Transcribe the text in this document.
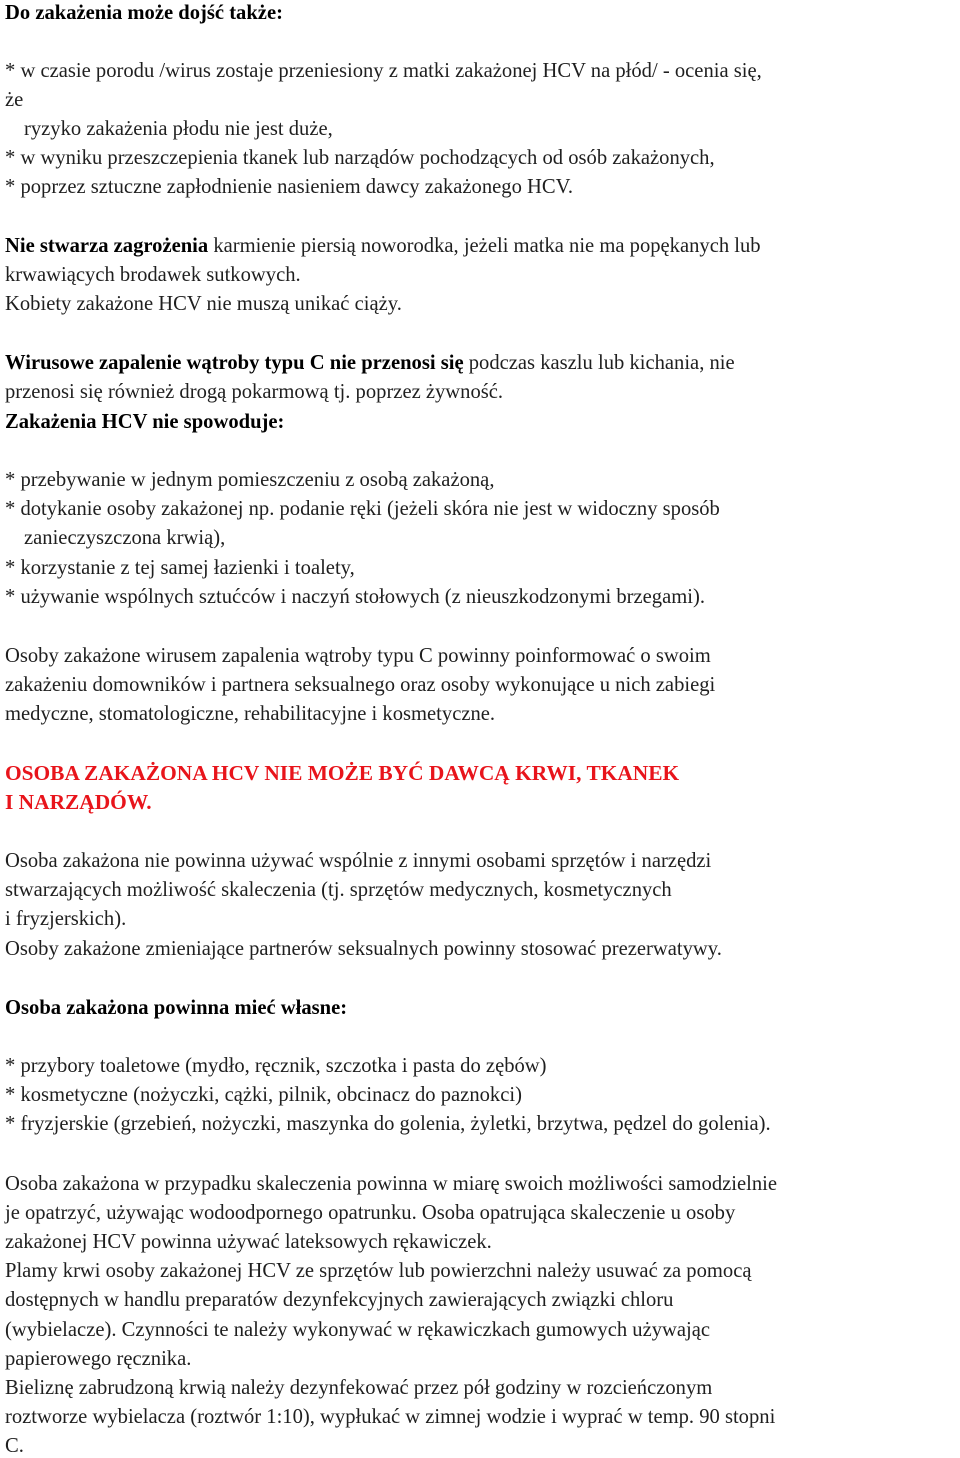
Do zakażenia może dojść także:
* w czasie porodu /wirus zostaje przeniesiony z matki zakażonej HCV na płód/ - ocenia się,
że
ryzyko zakażenia płodu nie jest duże,
* w wyniku przeszczepienia tkanek lub narządów pochodzących od osób zakażonych,
* poprzez sztuczne zapłodnienie nasieniem dawcy zakażonego HCV.
Nie stwarza zagrożenia karmienie piersią noworodka, jeżeli matka nie ma popękanych lub
krwawiących brodawek sutkowych.
Kobiety zakażone HCV nie muszą unikać ciąży.
Wirusowe zapalenie wątroby typu C nie przenosi się podczas kaszlu lub kichania, nie
przenosi się również drogą pokarmową tj. poprzez żywność.
Zakażenia HCV nie spowoduje:
* przebywanie w jednym pomieszczeniu z osobą zakażoną,
* dotykanie osoby zakażonej np. podanie ręki (jeżeli skóra nie jest w widoczny sposób
zanieczyszczona krwią),
* korzystanie z tej samej łazienki i toalety,
* używanie wspólnych sztućców i naczyń stołowych (z nieuszkodzonymi brzegami).
Osoby zakażone wirusem zapalenia wątroby typu C powinny poinformować o swoim
zakażeniu domowników i partnera seksualnego oraz osoby wykonujące u nich zabiegi
medyczne, stomatologiczne, rehabilitacyjne i kosmetyczne.
OSOBA ZAKAŻONA HCV NIE MOŻE BYĆ DAWCĄ KRWI, TKANEK
I NARZĄDÓW.
Osoba zakażona nie powinna używać wspólnie z innymi osobami sprzętów i narzędzi
stwarzających możliwość skaleczenia (tj. sprzętów medycznych, kosmetycznych
i fryzjerskich).
Osoby zakażone zmieniające partnerów seksualnych powinny stosować prezerwatywy.
Osoba zakażona powinna mieć własne:
* przybory toaletowe (mydło, ręcznik, szczotka i pasta do zębów)
* kosmetyczne (nożyczki, cążki, pilnik, obcinacz do paznokci)
* fryzjerskie (grzebień, nożyczki, maszynka do golenia, żyletki, brzytwa, pędzel do golenia).
Osoba zakażona w przypadku skaleczenia powinna w miarę swoich możliwości samodzielnie
je opatrzyć, używając wodoodpornego opatrunku. Osoba opatrująca skaleczenie u osoby
zakażonej HCV powinna używać lateksowych rękawiczek.
Plamy krwi osoby zakażonej HCV ze sprzętów lub powierzchni należy usuwać za pomocą
dostępnych w handlu preparatów dezynfekcyjnych zawierających związki chloru
(wybielacze). Czynności te należy wykonywać w rękawiczkach gumowych używając
papierowego ręcznika.
Bieliznę zabrudzoną krwią należy dezynfekować przez pół godziny w rozcieńczonym
roztworze wybielacza (roztwór 1:10), wypłukać w zimnej wodzie i wyprać w temp. 90 stopni
C.
